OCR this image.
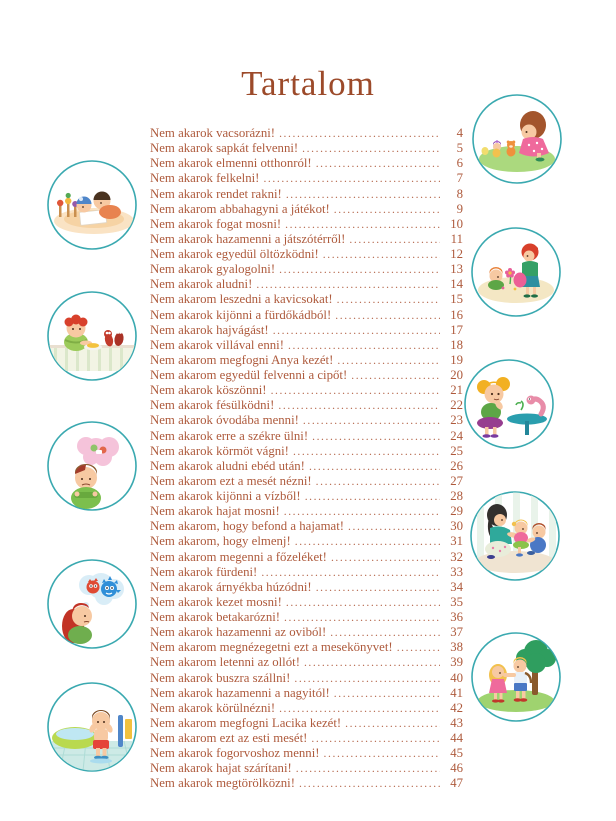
Tartalom
Nem akarok vacsorázni! .....	4
Nem akarok sapkát felvenni! .....	5
Nem akarok elmenni otthonról! .....	6
Nem akarok felkelni! .....	7
Nem akarok rendet rakni! .....	8
Nem akarom abbahagyni a játékot! .....	9
Nem akarok fogat mosni! .....	10
Nem akarok hazamenni a játszótérről! .....	11
Nem akarok egyedül öltözködni! .....	12
Nem akarok gyalogolni! .....	13
Nem akarok aludni! .....	14
Nem akarom leszedni a kavicsokat! .....	15
Nem akarok kijönni a fürdőkádból! .....	16
Nem akarok hajvágást! .....	17
Nem akarok villával enni! .....	18
Nem akarom megfogni Anya kezét! .....	19
Nem akarom egyedül felvenni a cipőt! .....	20
Nem akarok köszönni! .....	21
Nem akarok fésülködni! .....	22
Nem akarok óvodába menni! .....	23
Nem akarok erre a székre ülni! .....	24
Nem akarok körmöt vágni! .....	25
Nem akarok aludni ebéd után! .....	26
Nem akarom ezt a mesét nézni! .....	27
Nem akarok kijönni a vízből! .....	28
Nem akarok hajat mosni! .....	29
Nem akarom, hogy befond a hajamat! .....	30
Nem akarom, hogy elmenj! .....	31
Nem akarom megenni a főzeléket! .....	32
Nem akarok fürdeni! .....	33
Nem akarok árnyékba húzódni! .....	34
Nem akarok kezet mosni! .....	35
Nem akarok betakarózni! .....	36
Nem akarok hazamenni az oviból! .....	37
Nem akarom megnézegetni ezt a mesekönyvet! .....	38
Nem akarom letenni az ollót! .....	39
Nem akarok buszra szállni! .....	40
Nem akarok hazamenni a nagyitól! .....	41
Nem akarok körülnézni! .....	42
Nem akarom megfogni Lacika kezét! .....	43
Nem akarom ezt az esti mesét! .....	44
Nem akarok fogorvoshoz menni! .....	45
Nem akarok hajat szárítani! .....	46
Nem akarok megtörölközni! .....	47
